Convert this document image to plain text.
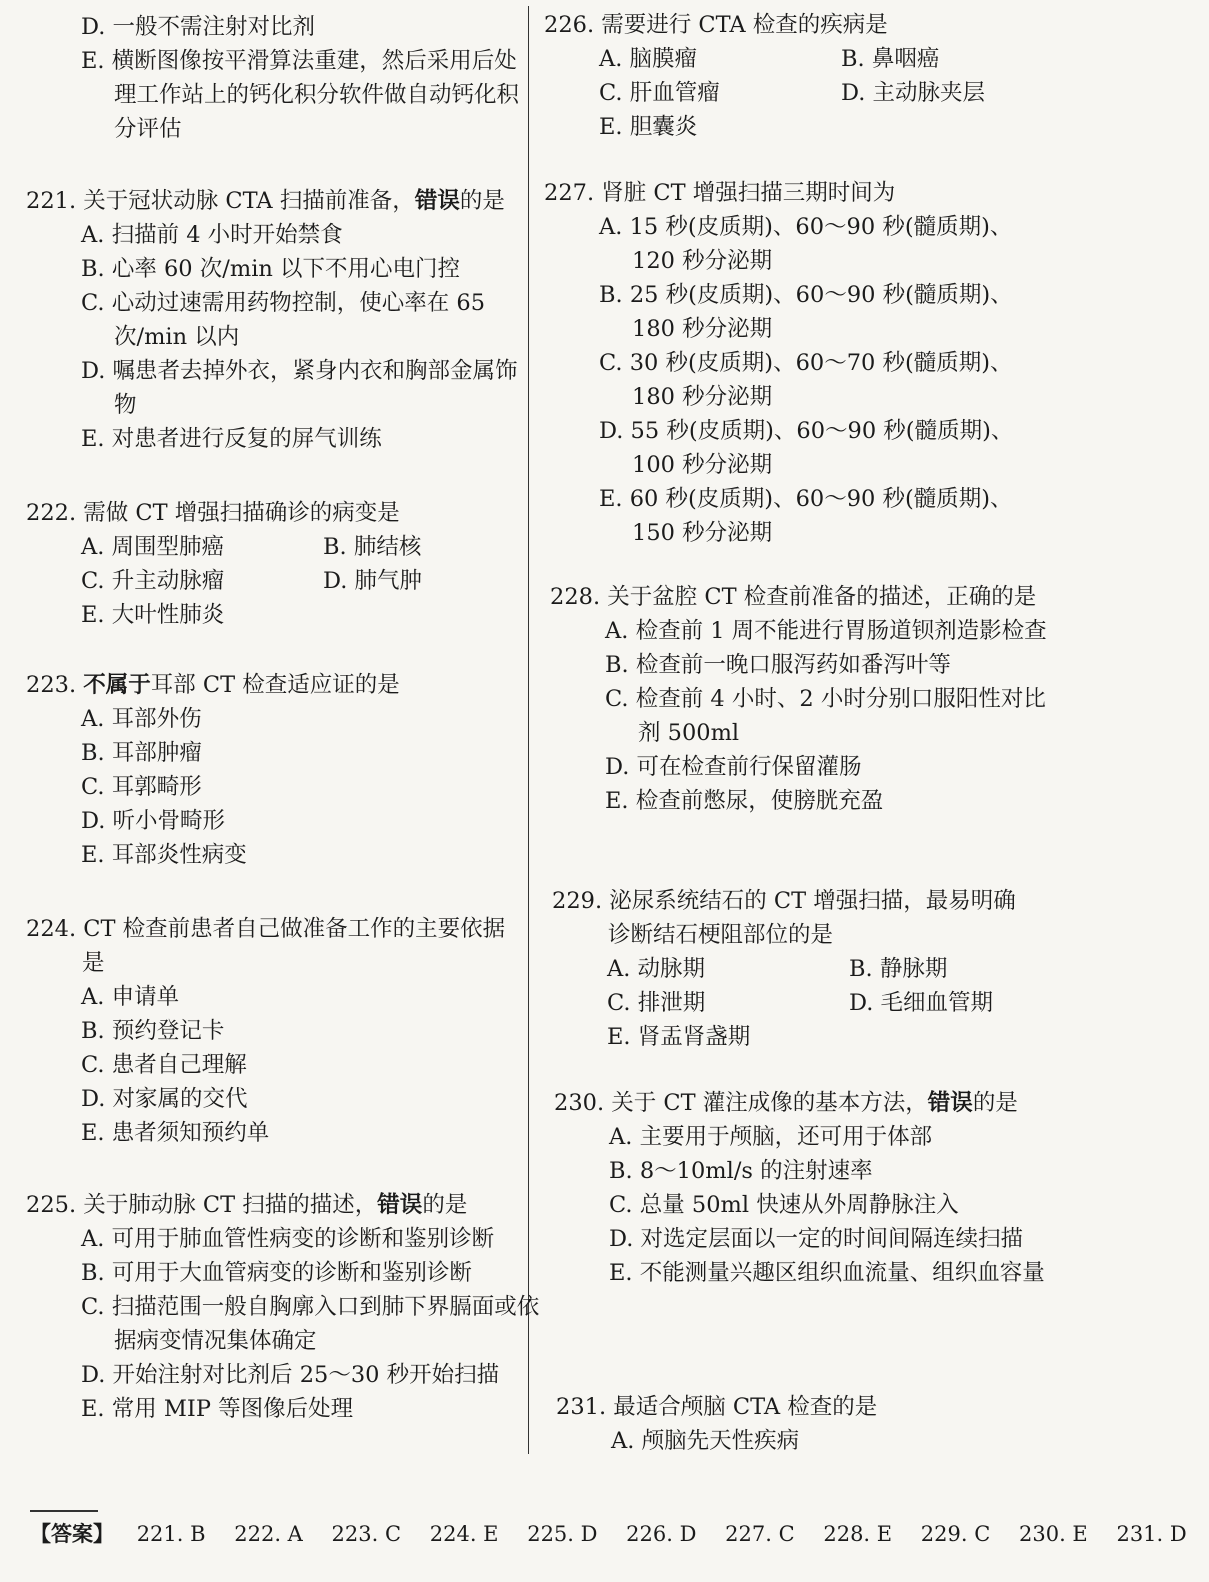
D. 一般不需注射对比剂
E. 横断图像按平滑算法重建，然后采用后处理工作站上的钙化积分软件做自动钙化积分评估
221. 关于冠状动脉 CTA 扫描前准备，错误的是
A. 扫描前 4 小时开始禁食
B. 心率 60 次/min 以下不用心电门控
C. 心动过速需用药物控制，使心率在 65 次/min 以内
D. 嘱患者去掉外衣，紧身内衣和胸部金属饰物
E. 对患者进行反复的屏气训练
222. 需做 CT 增强扫描确诊的病变是
A. 周围型肺癌	B. 肺结核
C. 升主动脉瘤	D. 肺气肿
E. 大叶性肺炎
223. 不属于耳部 CT 检查适应证的是
A. 耳部外伤
B. 耳部肿瘤
C. 耳郭畸形
D. 听小骨畸形
E. 耳部炎性病变
224. CT 检查前患者自己做准备工作的主要依据是
A. 申请单
B. 预约登记卡
C. 患者自己理解
D. 对家属的交代
E. 患者须知预约单
225. 关于肺动脉 CT 扫描的描述，错误的是
A. 可用于肺血管性病变的诊断和鉴别诊断
B. 可用于大血管病变的诊断和鉴别诊断
C. 扫描范围一般自胸廓入口到肺下界膈面或依据病变情况集体确定
D. 开始注射对比剂后 25～30 秒开始扫描
E. 常用 MIP 等图像后处理
226. 需要进行 CTA 检查的疾病是
A. 脑膜瘤	B. 鼻咽癌
C. 肝血管瘤	D. 主动脉夹层
E. 胆囊炎
227. 肾脏 CT 增强扫描三期时间为
A. 15 秒(皮质期)、60～90 秒(髓质期)、120 秒分泌期
B. 25 秒(皮质期)、60～90 秒(髓质期)、180 秒分泌期
C. 30 秒(皮质期)、60～70 秒(髓质期)、180 秒分泌期
D. 55 秒(皮质期)、60～90 秒(髓质期)、100 秒分泌期
E. 60 秒(皮质期)、60～90 秒(髓质期)、150 秒分泌期
228. 关于盆腔 CT 检查前准备的描述，正确的是
A. 检查前 1 周不能进行胃肠道钡剂造影检查
B. 检查前一晚口服泻药如番泻叶等
C. 检查前 4 小时、2 小时分别口服阳性对比剂 500ml
D. 可在检查前行保留灌肠
E. 检查前憋尿，使膀胱充盈
229. 泌尿系统结石的 CT 增强扫描，最易明确诊断结石梗阻部位的是
A. 动脉期	B. 静脉期
C. 排泄期	D. 毛细血管期
E. 肾盂肾盏期
230. 关于 CT 灌注成像的基本方法，错误的是
A. 主要用于颅脑，还可用于体部
B. 8～10ml/s 的注射速率
C. 总量 50ml 快速从外周静脉注入
D. 对选定层面以一定的时间间隔连续扫描
E. 不能测量兴趣区组织血流量、组织血容量
231. 最适合颅脑 CTA 检查的是
A. 颅脑先天性疾病
【答案】 221. B 222. A 223. C 224. E 225. D 226. D 227. C 228. E 229. C 230. E 231. D
